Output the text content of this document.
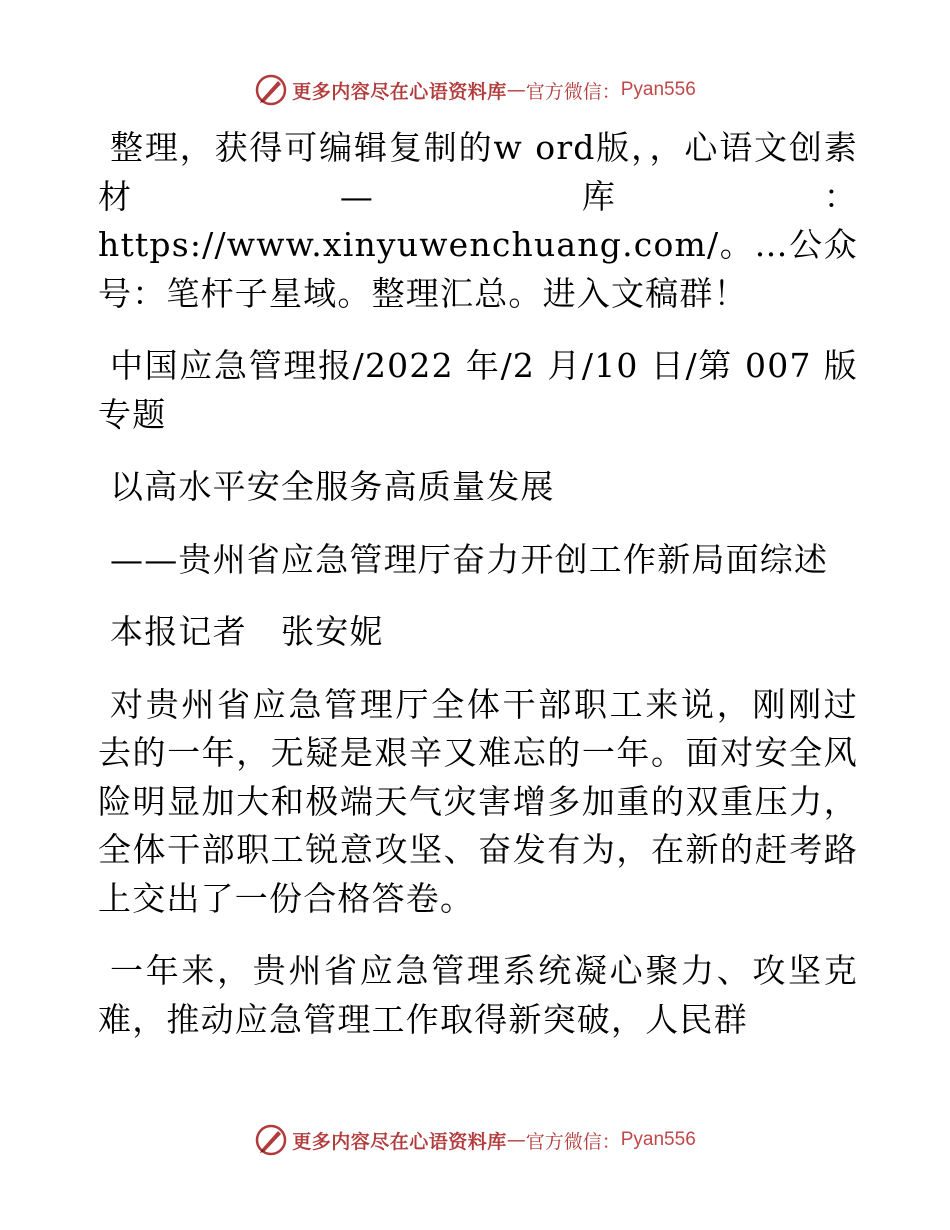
更多内容尽在心语资料库 — 官方微信： Pyan556

整理，获得可编辑复制的w ord版，，心语文创素材—库：https://www.xinyuwenchuang.com/。…公众号：笔杆子星域。整理汇总。进入文稿群！

中国应急管理报/2022 年/2 月/10 日/第 007 版专题

以高水平安全服务高质量发展

——贵州省应急管理厅奋力开创工作新局面综述

本报记者　张安妮

对贵州省应急管理厅全体干部职工来说，刚刚过去的一年，无疑是艰辛又难忘的一年。面对安全风险明显加大和极端天气灾害增多加重的双重压力，全体干部职工锐意攻坚、奋发有为，在新的赶考路上交出了一份合格答卷。

一年来，贵州省应急管理系统凝心聚力、攻坚克难，推动应急管理工作取得新突破，人民群

更多内容尽在心语资料库 — 官方微信： Pyan556
